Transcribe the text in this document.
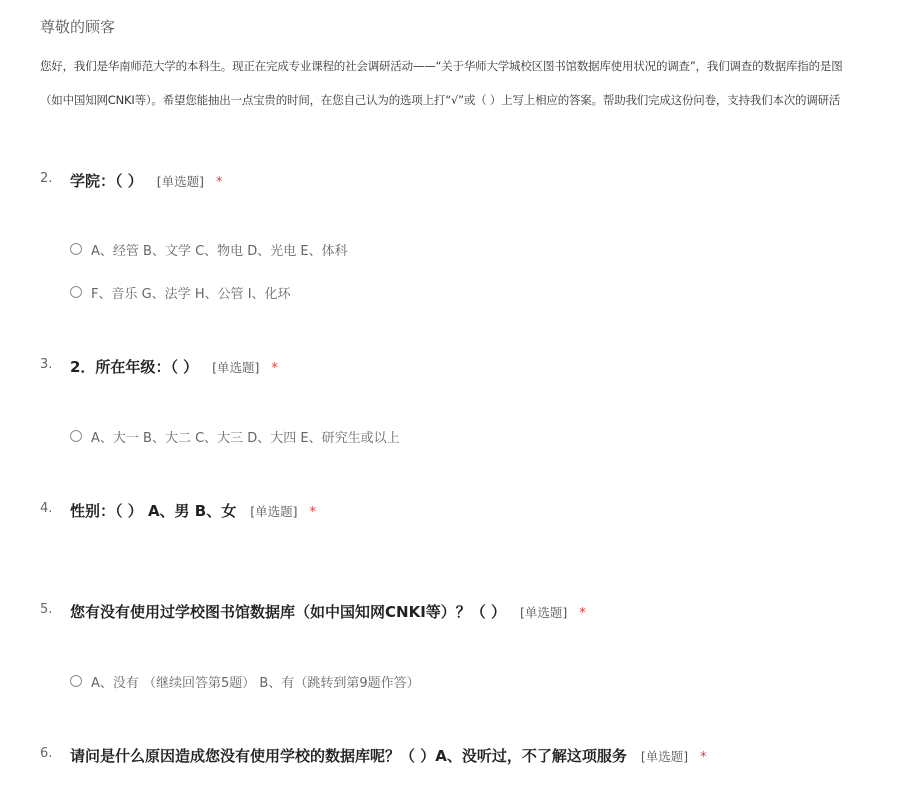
尊敬的顾客
您好，我们是华南师范大学的本科生。现正在完成专业课程的社会调研活动——“关于华师大学城校区图书馆数据库使用状况的调查”，我们调查的数据库指的是图
（如中国知网CNKI等）。希望您能抽出一点宝贵的时间，在您自己认为的选项上打“√”或（ ）上写上相应的答案。帮助我们完成这份问卷，支持我们本次的调研活
2. 学院：（ ） [单选题] *
A、经管 B、文学 C、物电 D、光电 E、体科
F、音乐 G、法学 H、公管 I、化环
3. 2．所在年级：（ ） [单选题] *
A、大一 B、大二 C、大三 D、大四 E、研究生或以上
4. 性别：（ ） A、男 B、女 [单选题] *
5. 您有没有使用过学校图书馆数据库（如中国知网CNKI等）？（ ） [单选题] *
A、没有 （继续回答第5题） B、有（跳转到第9题作答）
6. 请问是什么原因造成您没有使用学校的数据库呢？（ ）A、没听过，不了解这项服务 [单选题] *
